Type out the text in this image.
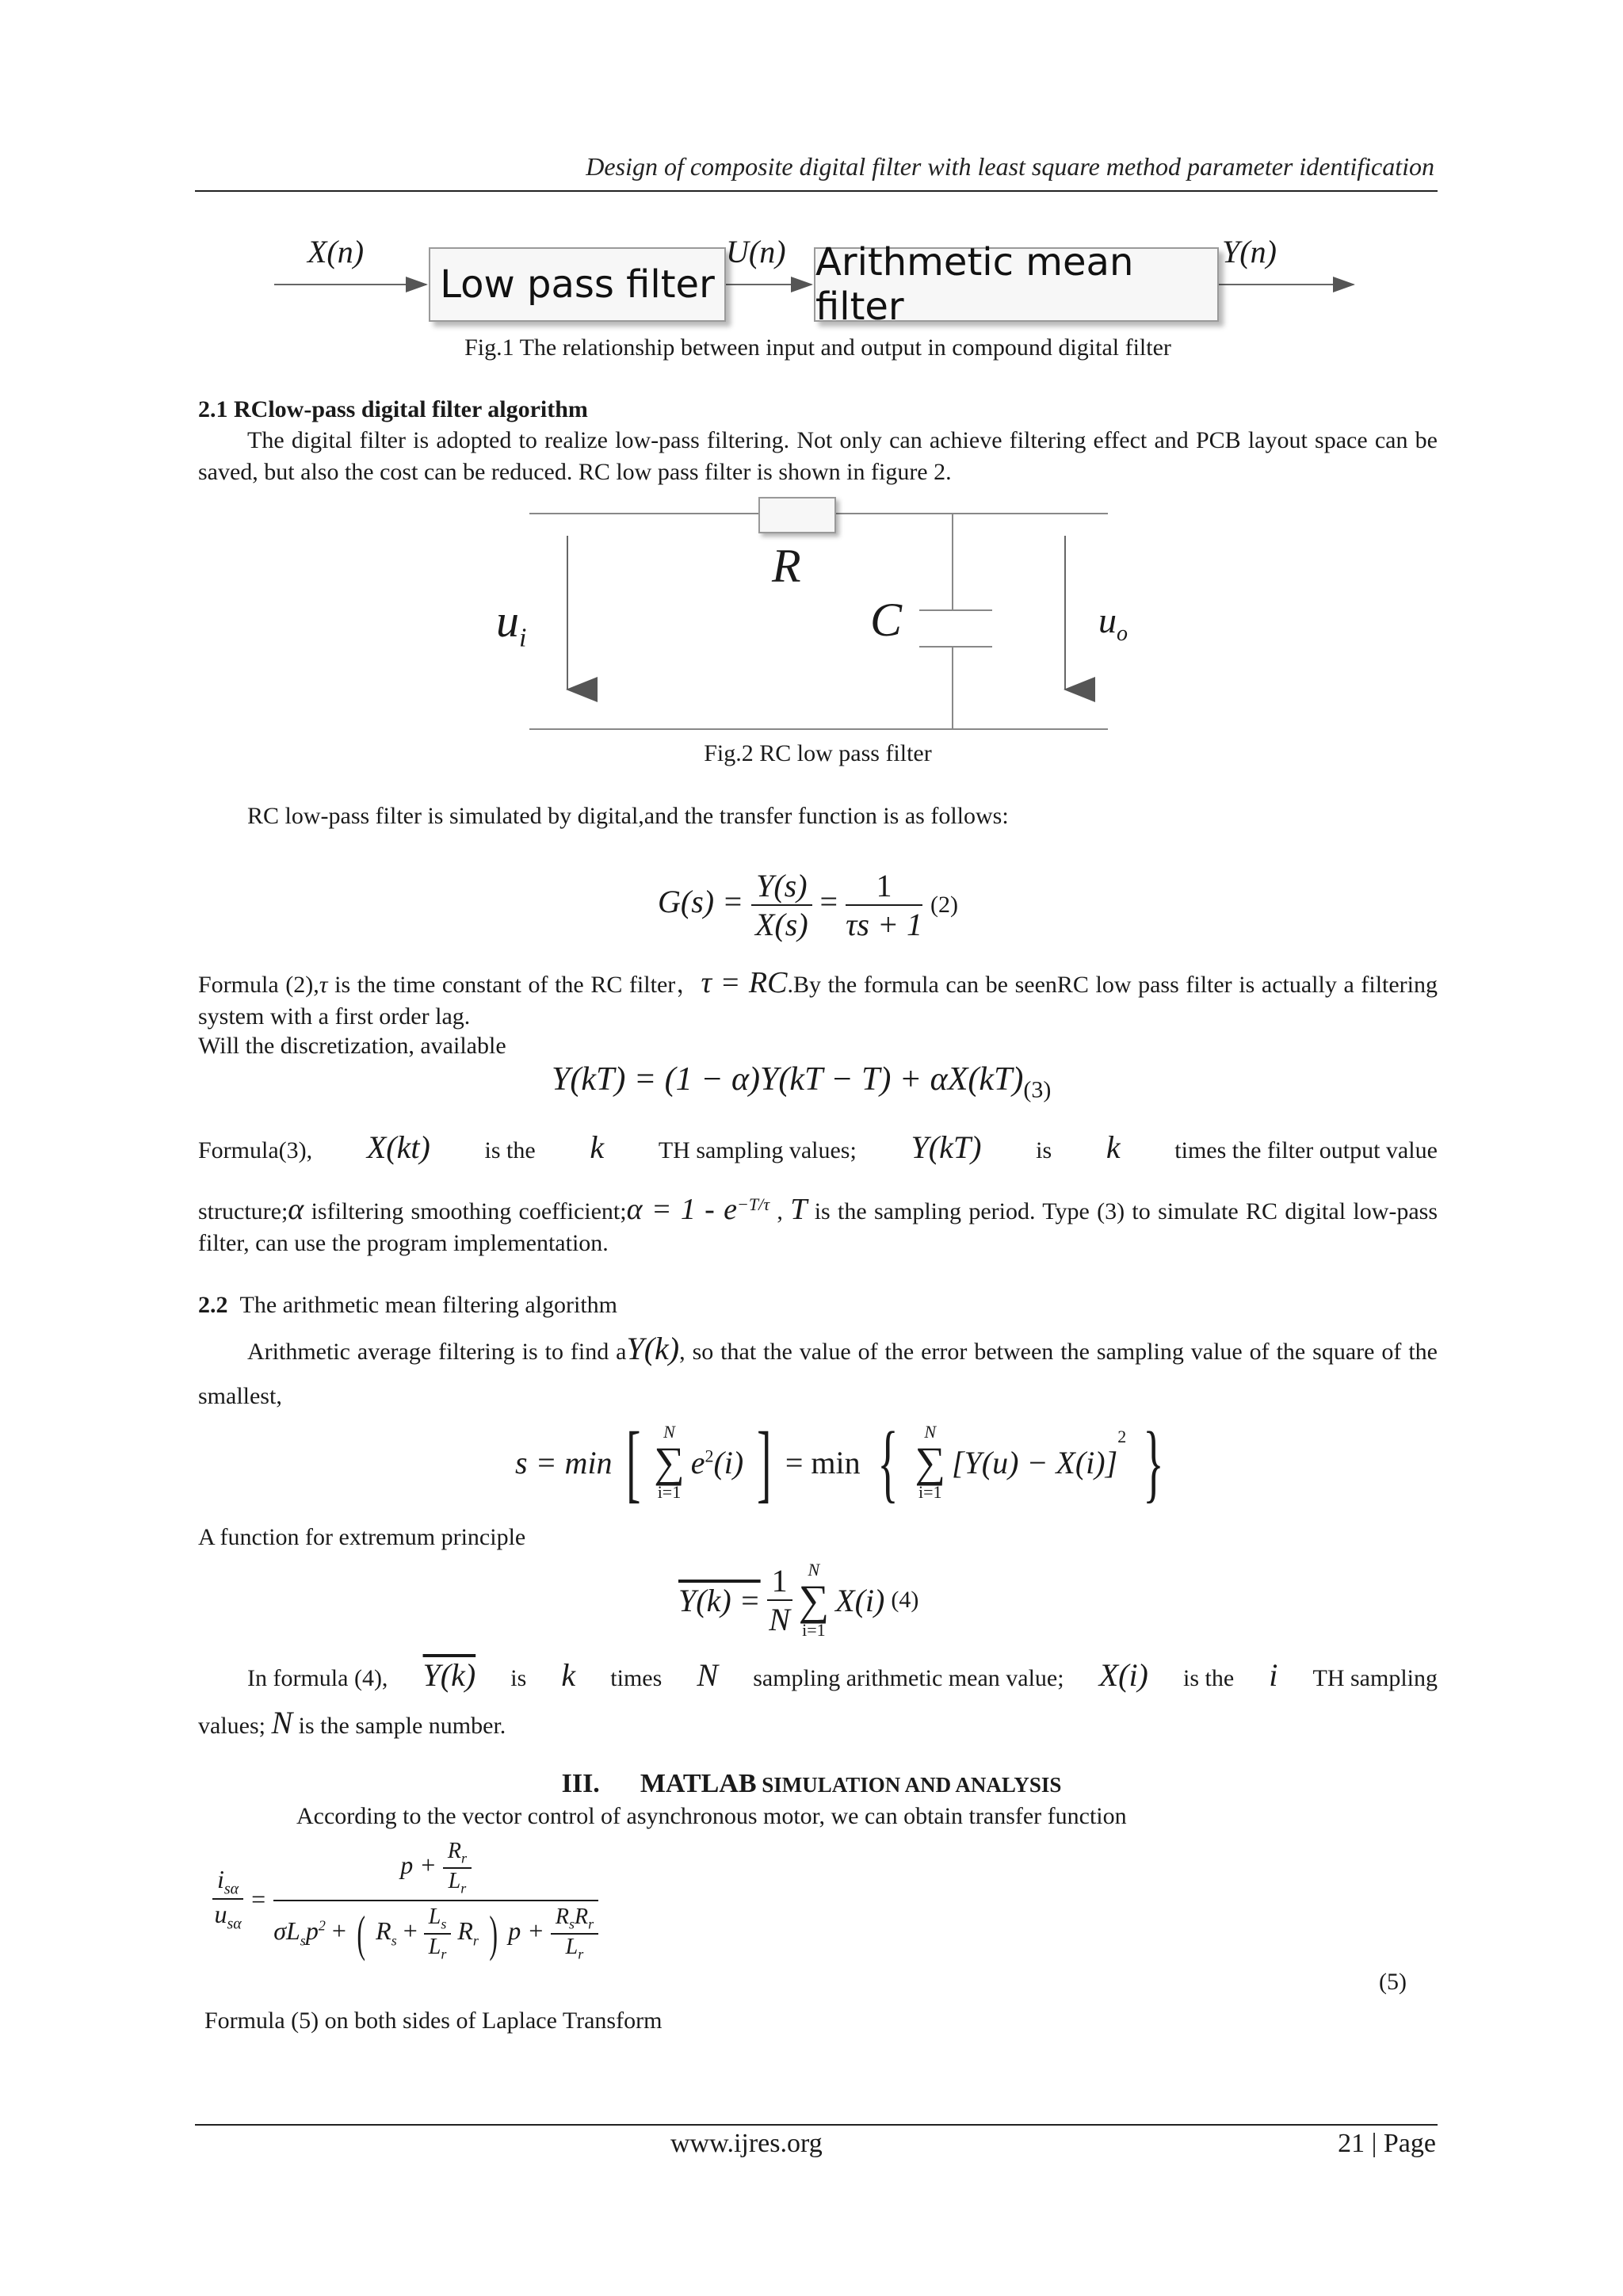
Design of composite digital filter with least square method parameter identification
X(n)
Low pass filter
U(n) Arithmetic mean filter
Y(n)
Fig.1 The relationship between input and output in compound digital filter
2.1 RClow-pass digital filter algorithm
The digital filter is adopted to realize low-pass filtering. Not only can achieve filtering effect and PCB layout space can be saved, but also the cost can be reduced. RC low pass filter is shown in figure 2.
R
C
$u_i$	$u_o$
Fig.2 RC low pass filter
RC low-pass filter is simulated by digital,and the transfer function is as follows:
$G(s) = \frac{Y(s)}{X(s)} = \frac{1}{\tau s + 1} (2)$
Formula (2),τ is the time constant of the RC filter，τ = RC.By the formula can be seenRC low pass filter is actually a filtering system with a first order lag.
Will the discretization, available
$Y(kT) = (1 - \alpha)Y(kT - T) + \alpha X(kT)_{(3)}$
Formula(3), X(kt) is the k TH sampling values; Y(kT) is k times the filter output value
structure;α isfiltering smoothing coefficient;α = $1 - e^{-T/\tau}$ , T is the sampling period. Type (3) to simulate RC digital low-pass filter, can use the program implementation.
2.2 The arithmetic mean filtering algorithm
Arithmetic average filtering is to find aY(k), so that the value of the error between the sampling value of the square of the smallest,
s = min [ N
∑
i=1
$e^2(i)$ ] = min { N
∑
i=1
$[Y(u) - X(i)]^2$ }
A function for extremum principle
$Y(k) = \frac{1}{N}$ N
∑
i=1
X(i) (4)
In formula (4), Y(k) is k times N sampling arithmetic mean value; X(i) is the i TH sampling
values; N is the sample number.
III. MATLAB SIMULATION AND ANALYSIS
According to the vector control of asynchronous motor, we can obtain transfer function
$\frac{i_{s\alpha}}{u_{s\alpha}}$ =
$p + \frac{R_r}{L_r}$
$\sigma L_sp^2$ + ( $R_s + \frac{L_s}{L_r} R_r$ ) $p + \frac{R_sR_r}{L_r}$
(5)
Formula (5) on both sides of Laplace Transform
www.ijres.org	21 | Page
